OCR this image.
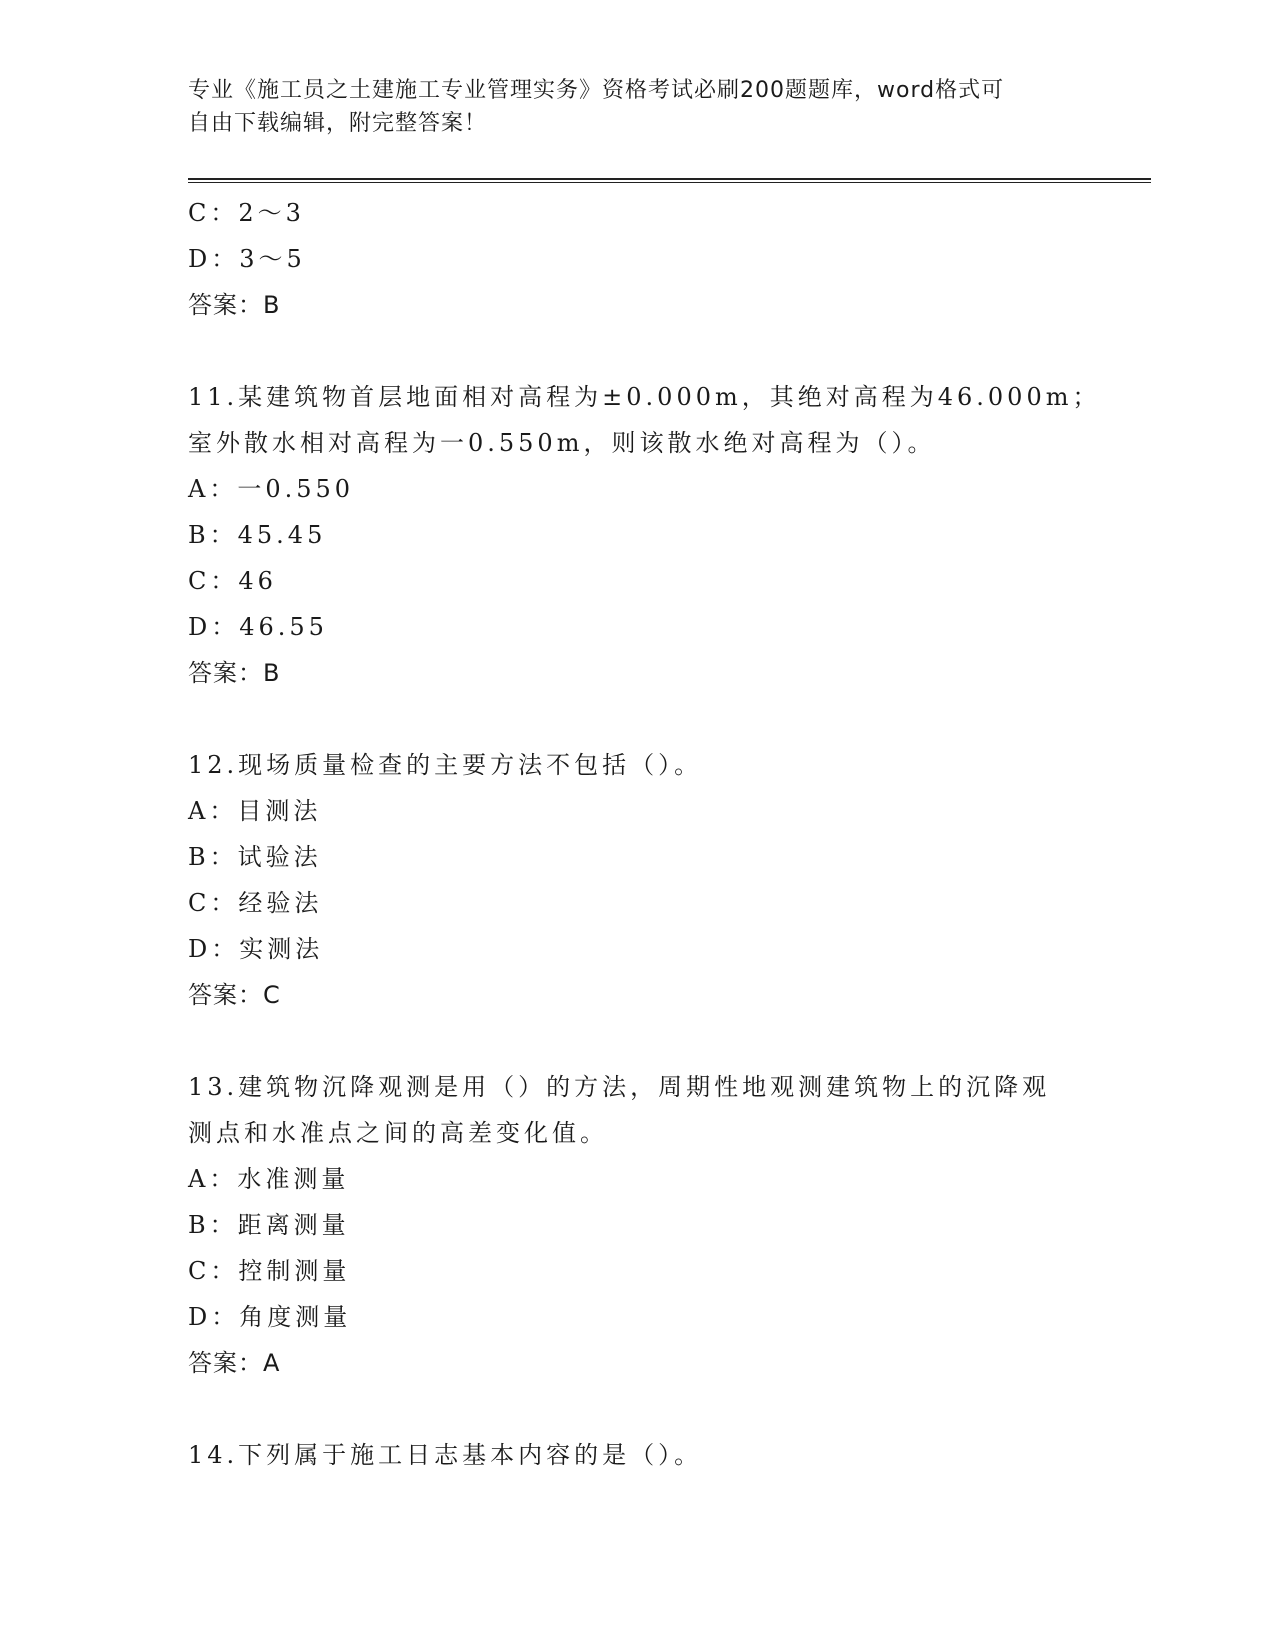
专业《施工员之土建施工专业管理实务》资格考试必刷200题题库，word格式可
自由下载编辑，附完整答案！
C：2～3
D：3～5
答案：B
11.某建筑物首层地面相对高程为±0.000m，其绝对高程为46.000m；
室外散水相对高程为一0.550m，则该散水绝对高程为（）。
A：一0.550
B：45.45
C：46
D：46.55
答案：B
12.现场质量检查的主要方法不包括（）。
A：目测法
B：试验法
C：经验法
D：实测法
答案：C
13.建筑物沉降观测是用（）的方法，周期性地观测建筑物上的沉降观
测点和水准点之间的高差变化值。
A：水准测量
B：距离测量
C：控制测量
D：角度测量
答案：A
14.下列属于施工日志基本内容的是（）。
